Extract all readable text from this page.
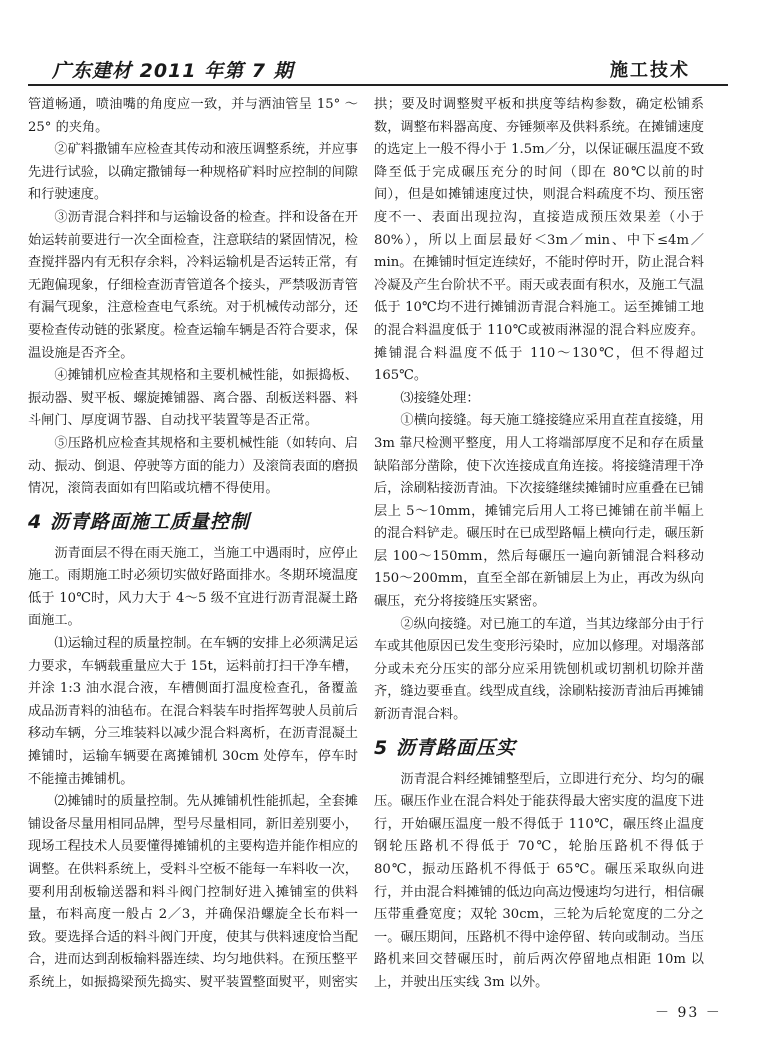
广东建材 2011 年第 7 期	施工技术

管道畅通，喷油嘴的角度应一致，并与洒油管呈 15° ～ 25° 的夹角。

②矿料撒铺车应检查其传动和液压调整系统，并应事先进行试验，以确定撒铺每一种规格矿料时应控制的间隙和行驶速度。

③沥青混合料拌和与运输设备的检查。拌和设备在开始运转前要进行一次全面检查，注意联结的紧固情况，检查搅拌器内有无积存余料，冷料运输机是否运转正常，有无跑偏现象，仔细检查沥青管道各个接头，严禁吸沥青管有漏气现象，注意检查电气系统。对于机械传动部分，还要检查传动链的张紧度。检查运输车辆是否符合要求，保温设施是否齐全。

④摊铺机应检查其规格和主要机械性能，如振捣板、振动器、熨平板、螺旋摊铺器、离合器、刮板送料器、料斗闸门、厚度调节器、自动找平装置等是否正常。

⑤压路机应检查其规格和主要机械性能（如转向、启动、振动、倒退、停驶等方面的能力）及滚筒表面的磨损情况，滚筒表面如有凹陷或坑槽不得使用。

4 沥青路面施工质量控制

沥青面层不得在雨天施工，当施工中遇雨时，应停止施工。雨期施工时必须切实做好路面排水。冬期环境温度低于 10℃时，风力大于 4～5 级不宜进行沥青混凝土路面施工。

⑴运输过程的质量控制。在车辆的安排上必须满足运力要求，车辆载重量应大于 15t，运料前打扫干净车槽，并涂 1:3 油水混合液，车槽侧面打温度检查孔，备覆盖成品沥青料的油毡布。在混合料装车时指挥驾驶人员前后移动车辆，分三堆装料以减少混合料离析，在沥青混凝土摊铺时，运输车辆要在离摊铺机 30cm 处停车，停车时不能撞击摊铺机。

⑵摊铺时的质量控制。先从摊铺机性能抓起，全套摊铺设备尽量用相同品牌，型号尽量相同，新旧差别要小，现场工程技术人员要懂得摊铺机的主要构造并能作相应的调整。在供料系统上，受料斗空板不能每一车料收一次，要利用刮板输送器和料斗阀门控制好进入摊铺室的供料量，布料高度一般占 2／3，并确保沿螺旋全长布料一致。要选择合适的料斗阀门开度，使其与供料速度恰当配合，进而达到刮板输料器连续、均匀地供料。在预压整平系统上，如振捣梁预先捣实、熨平装置整面熨平，则密实

拱；要及时调整熨平板和拱度等结构参数，确定松铺系数，调整布料器高度、夯锤频率及供料系统。在摊铺速度的选定上一般不得小于 1.5m／分，以保证碾压温度不致降至低于完成碾压充分的时间（即在 80℃以前的时间），但是如摊铺速度过快，则混合料疏度不均、预压密度不一、表面出现拉沟，直接造成预压效果差（小于 80%），所以上面层最好＜3m／min、中下≤4m／min。在摊铺时恒定连续好，不能时停时开，防止混合料冷凝及产生台阶状不平。雨天或表面有积水，及施工气温低于 10℃均不进行摊铺沥青混合料施工。运至摊铺工地的混合料温度低于 110℃或被雨淋湿的混合料应废弃。摊铺混合料温度不低于 110～130℃，但不得超过 165℃。

⑶接缝处理：

①横向接缝。每天施工缝接缝应采用直茬直接缝，用 3m 靠尺检测平整度，用人工将端部厚度不足和存在质量缺陷部分凿除，使下次连接成直角连接。将接缝清理干净后，涂刷粘接沥青油。下次接缝继续摊铺时应重叠在已铺层上 5～10mm，摊铺完后用人工将已摊铺在前半幅上的混合料铲走。碾压时在已成型路幅上横向行走，碾压新层 100～150mm，然后每碾压一遍向新铺混合料移动 150～200mm，直至全部在新铺层上为止，再改为纵向碾压，充分将接缝压实紧密。

②纵向接缝。对已施工的车道，当其边缘部分由于行车或其他原因已发生变形污染时，应加以修理。对塌落部分或未充分压实的部分应采用铣刨机或切割机切除并凿齐，缝边要垂直。线型成直线，涂刷粘接沥青油后再摊铺新沥青混合料。

5 沥青路面压实

沥青混合料经摊铺整型后，立即进行充分、均匀的碾压。碾压作业在混合料处于能获得最大密实度的温度下进行，开始碾压温度一般不得低于 110℃，碾压终止温度钢轮压路机不得低于 70℃，轮胎压路机不得低于 80℃，振动压路机不得低于 65℃。碾压采取纵向进行，并由混合料摊铺的低边向高边慢速均匀进行，相信碾压带重叠宽度；双轮 30cm，三轮为后轮宽度的二分之一。碾压期间，压路机不得中途停留、转向或制动。当压路机来回交替碾压时，前后两次停留地点相距 10m 以上，并驶出压实线 3m 以外。

－ 93 －
